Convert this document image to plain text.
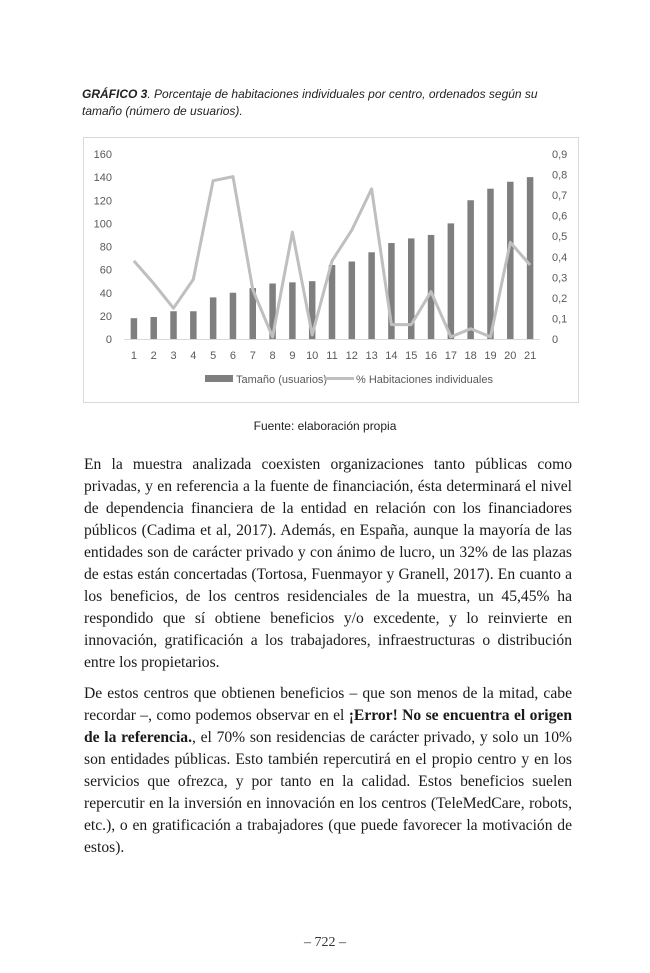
GRÁFICO 3. Porcentaje de habitaciones individuales por centro, ordenados según su tamaño (número de usuarios).
0
20
40
60
80
100
120
140
160
0
0,1
0,2
0,3
0,4
0,5
0,6
0,7
0,8
0,9
1 2 3 4 5 6 7 8 9 10 11 12 13 14 15 16 17 18 19 20 21
Tamaño (usuarios)	% Habitaciones individuales
Fuente: elaboración propia

En la muestra analizada coexisten organizaciones tanto públicas como privadas, y en referencia a la fuente de financiación, ésta determinará el nivel de dependencia financiera de la entidad en relación con los financiadores públicos (Cadima et al, 2017). Además, en España, aunque la mayoría de las entidades son de carácter privado y con ánimo de lucro, un 32% de las plazas de estas están concertadas (Tortosa, Fuenmayor y Granell, 2017). En cuanto a los beneficios, de los centros residenciales de la muestra, un 45,45% ha respondido que sí obtiene beneficios y/o excedente, y lo reinvierte en innovación, gratificación a los trabajadores, infraestructuras o distribución entre los propietarios.

De estos centros que obtienen beneficios – que son menos de la mitad, cabe recordar –, como podemos observar en el ¡Error! No se encuentra el origen de la referencia., el 70% son residencias de carácter privado, y solo un 10% son entidades públicas. Esto también repercutirá en el propio centro y en los servicios que ofrezca, y por tanto en la calidad. Estos beneficios suelen repercutir en la inversión en innovación en los centros (TeleMedCare, robots, etc.), o en gratificación a trabajadores (que puede favorecer la motivación de estos).

– 722 –
